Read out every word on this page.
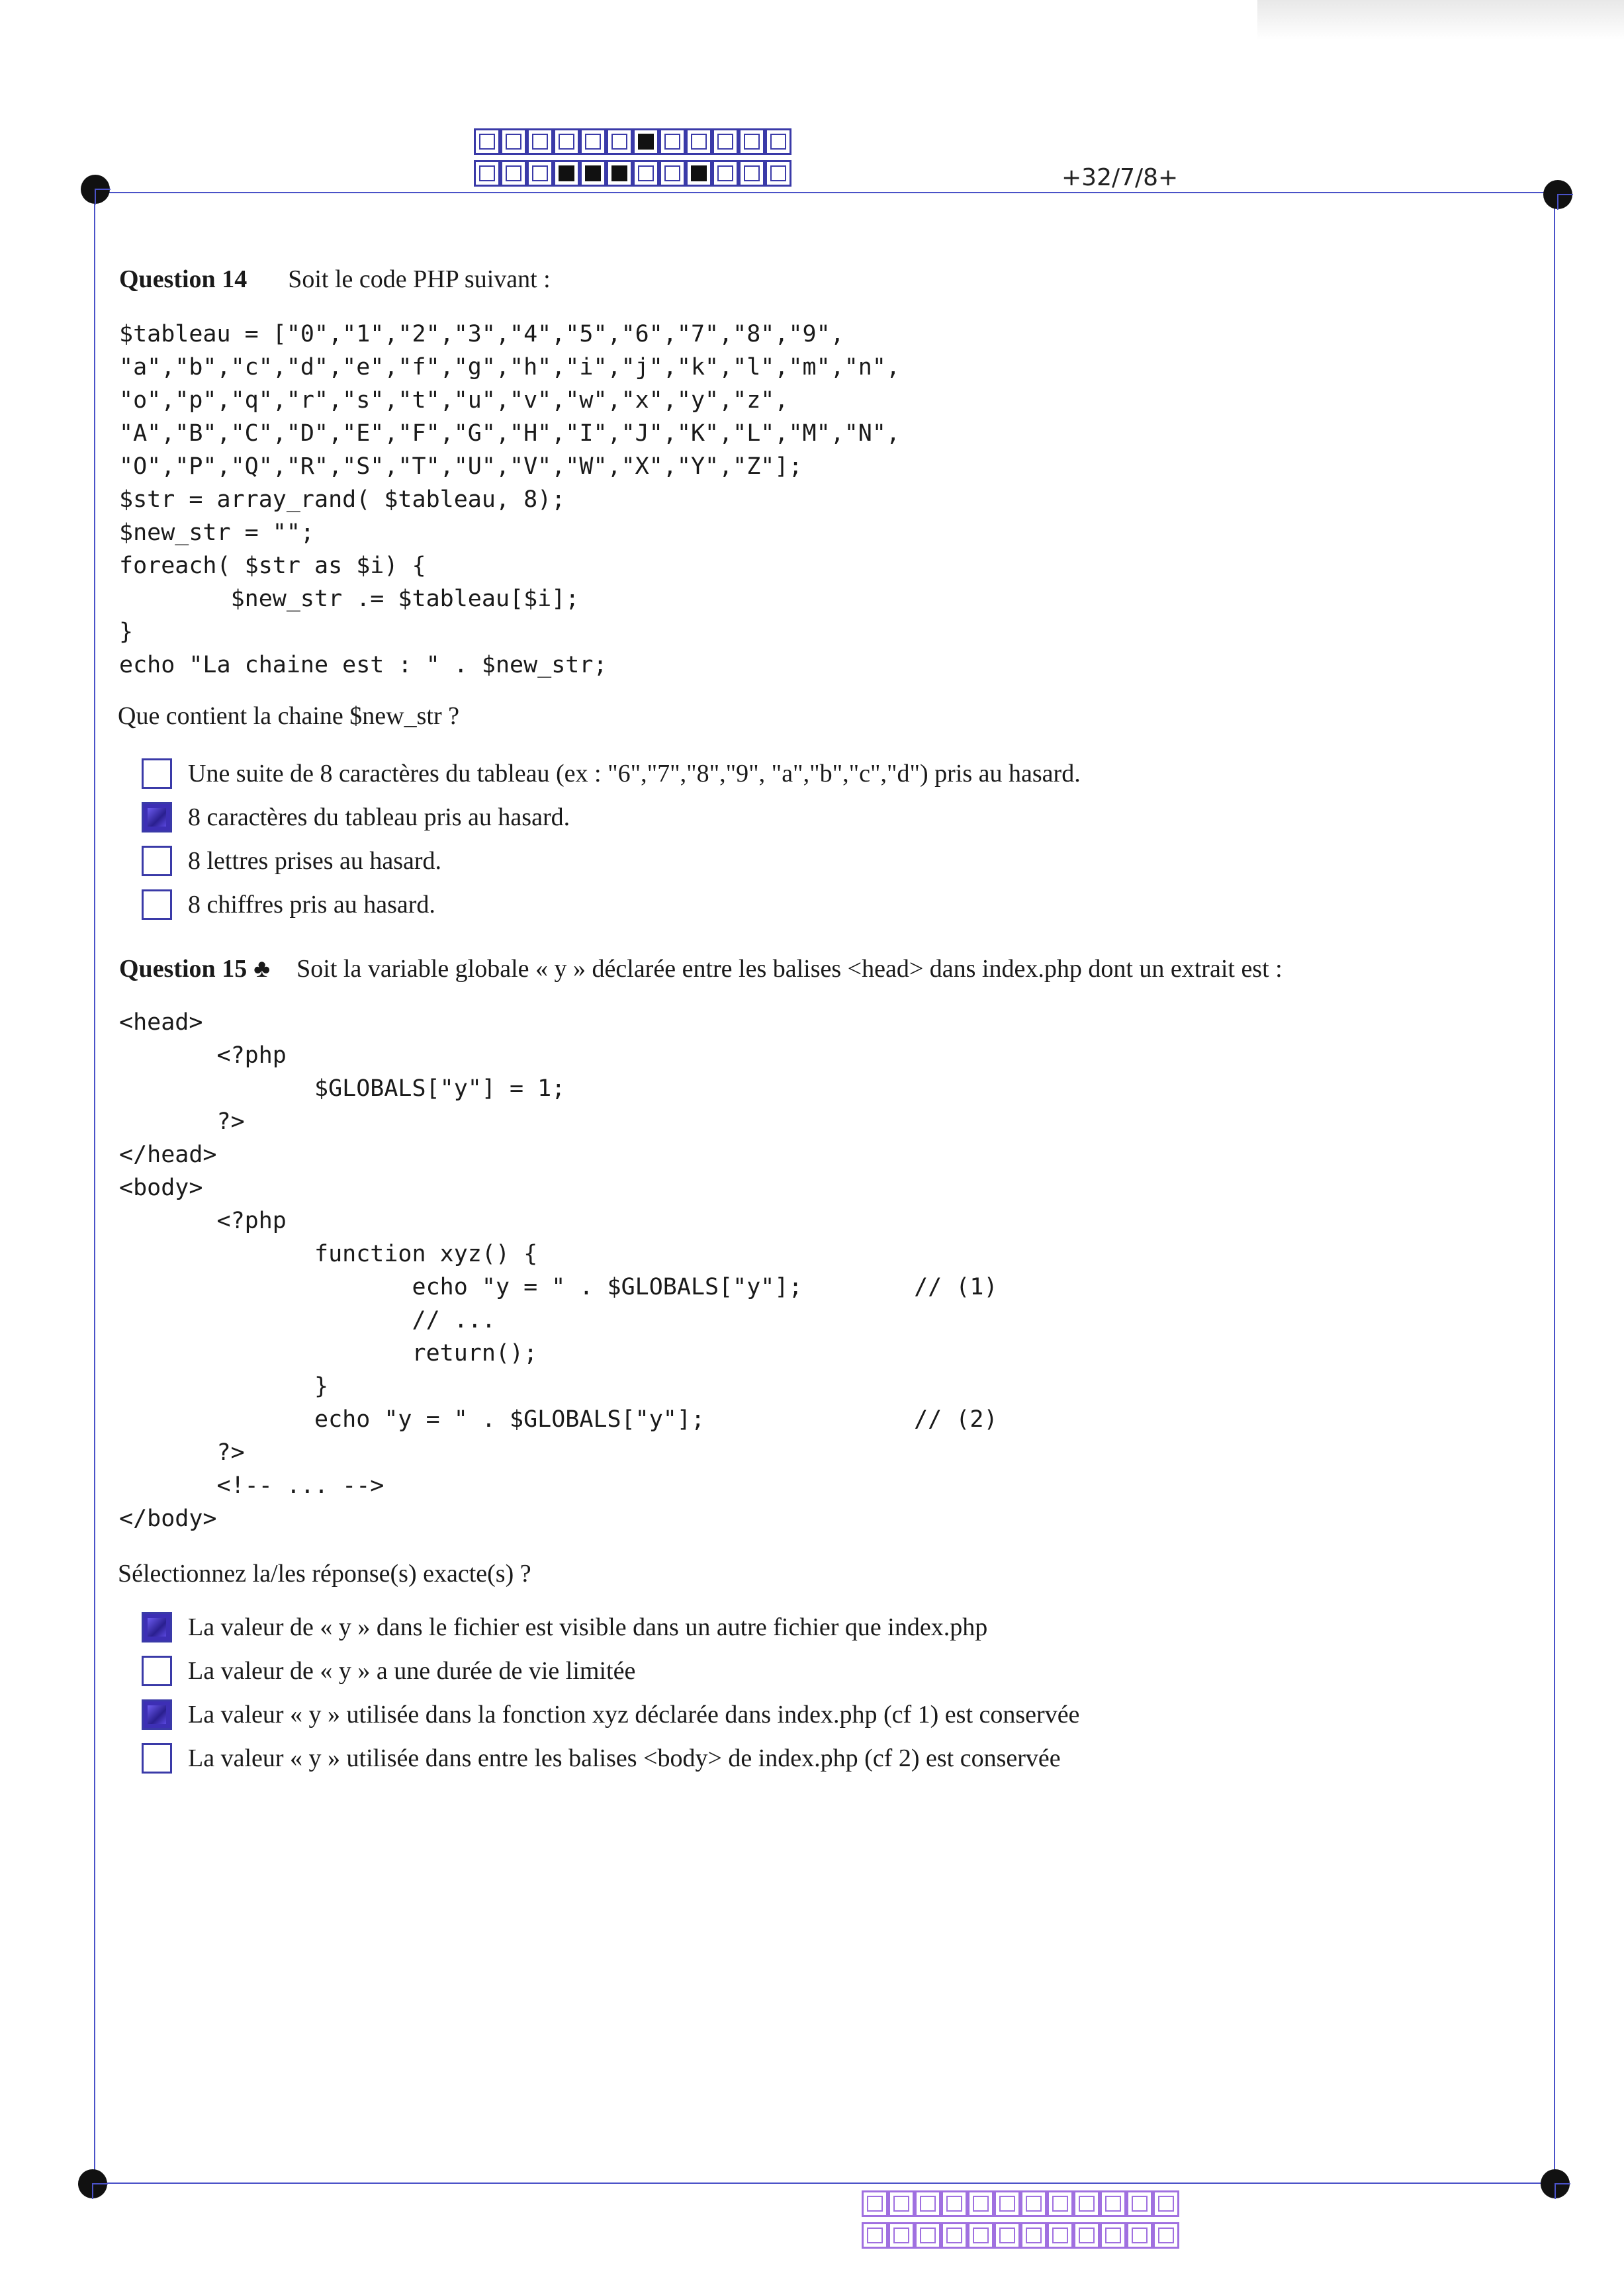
+32/7/8+
Question 14 Soit le code PHP suivant :
$tableau = ["0","1","2","3","4","5","6","7","8","9",
"a","b","c","d","e","f","g","h","i","j","k","l","m","n",
"o","p","q","r","s","t","u","v","w","x","y","z",
"A","B","C","D","E","F","G","H","I","J","K","L","M","N",
"O","P","Q","R","S","T","U","V","W","X","Y","Z"];
$str = array_rand( $tableau, 8);
$new_str = "";
foreach( $str as $i) {
$new_str .= $tableau[$i];
}
echo "La chaine est : " . $new_str;
Que contient la chaine $new_str ?
Une suite de 8 caractères du tableau (ex : "6","7","8","9", "a","b","c","d") pris au hasard.
8 caractères du tableau pris au hasard.
8 lettres prises au hasard.
8 chiffres pris au hasard.
Question 15 ♣ Soit la variable globale « y » déclarée entre les balises <head> dans index.php dont un extrait est :
<head>
<?php
$GLOBALS["y"] = 1;
?>
</head>
<body>
<?php
function xyz() {
echo "y = " . $GLOBALS["y"];        // (1)
// ...
return();
}
echo "y = " . $GLOBALS["y"];               // (2)
?>
<!-- ... -->
</body>
Sélectionnez la/les réponse(s) exacte(s) ?
La valeur de « y » dans le fichier est visible dans un autre fichier que index.php
La valeur de « y » a une durée de vie limitée
La valeur « y » utilisée dans la fonction xyz déclarée dans index.php (cf 1) est conservée
La valeur « y » utilisée dans entre les balises <body> de index.php (cf 2) est conservée
